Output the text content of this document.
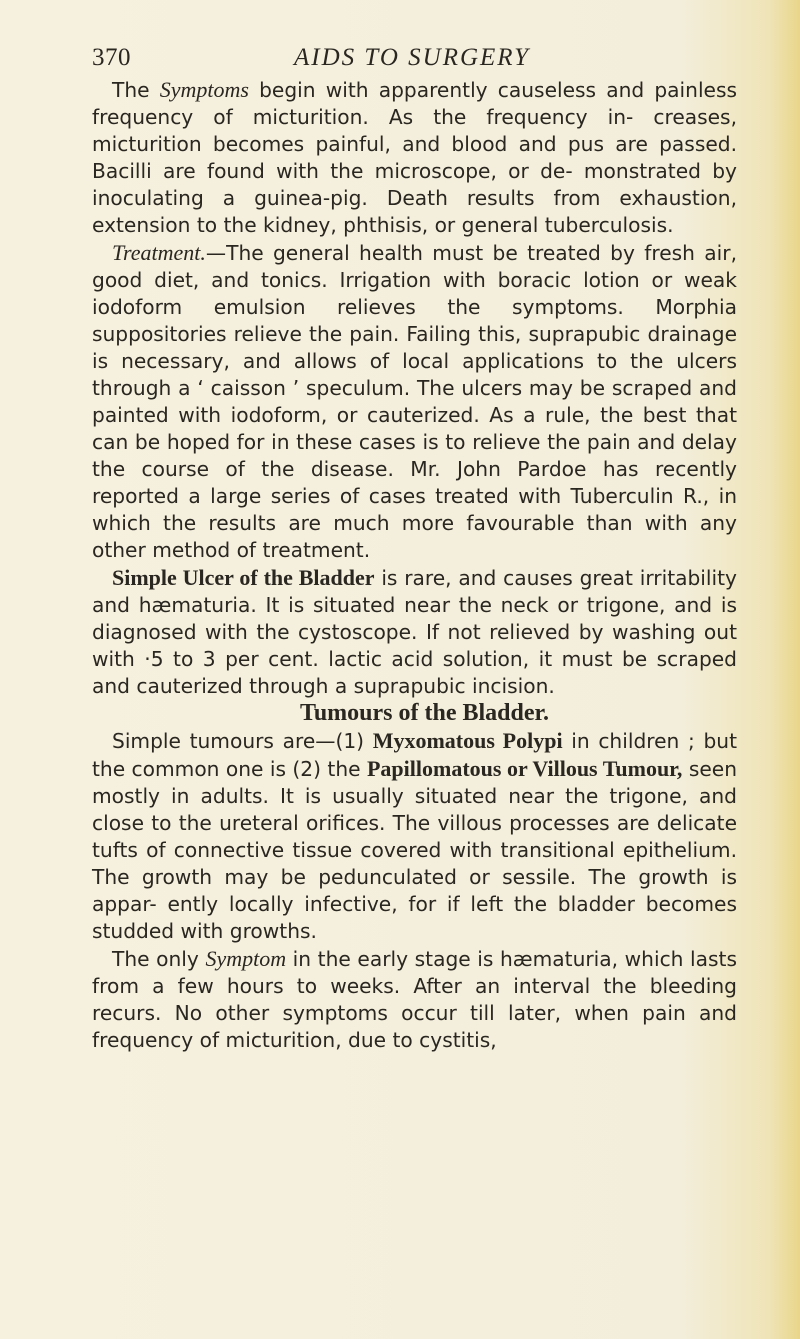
370	AIDS TO SURGERY

The Symptoms begin with apparently causeless and painless frequency of micturition. As the frequency in- creases, micturition becomes painful, and blood and pus are passed. Bacilli are found with the microscope, or de- monstrated by inoculating a guinea-pig. Death results from exhaustion, extension to the kidney, phthisis, or general tuberculosis.

Treatment.—The general health must be treated by fresh air, good diet, and tonics. Irrigation with boracic lotion or weak iodoform emulsion relieves the symptoms. Morphia suppositories relieve the pain. Failing this, suprapubic drainage is necessary, and allows of local applications to the ulcers through a ‘ caisson ’ speculum. The ulcers may be scraped and painted with iodoform, or cauterized. As a rule, the best that can be hoped for in these cases is to relieve the pain and delay the course of the disease. Mr. John Pardoe has recently reported a large series of cases treated with Tuberculin R., in which the results are much more favourable than with any other method of treatment.

Simple Ulcer of the Bladder is rare, and causes great irritability and hæmaturia. It is situated near the neck or trigone, and is diagnosed with the cystoscope. If not relieved by washing out with ·5 to 3 per cent. lactic acid solution, it must be scraped and cauterized through a suprapubic incision.

Tumours of the Bladder.

Simple tumours are—(1) Myxomatous Polypi in children ; but the common one is (2) the Papillomatous or Villous Tumour, seen mostly in adults. It is usually situated near the trigone, and close to the ureteral orifices. The villous processes are delicate tufts of connective tissue covered with transitional epithelium. The growth may be pedunculated or sessile. The growth is appar- ently locally infective, for if left the bladder becomes studded with growths.

The only Symptom in the early stage is hæmaturia, which lasts from a few hours to weeks. After an interval the bleeding recurs. No other symptoms occur till later, when pain and frequency of micturition, due to cystitis,
